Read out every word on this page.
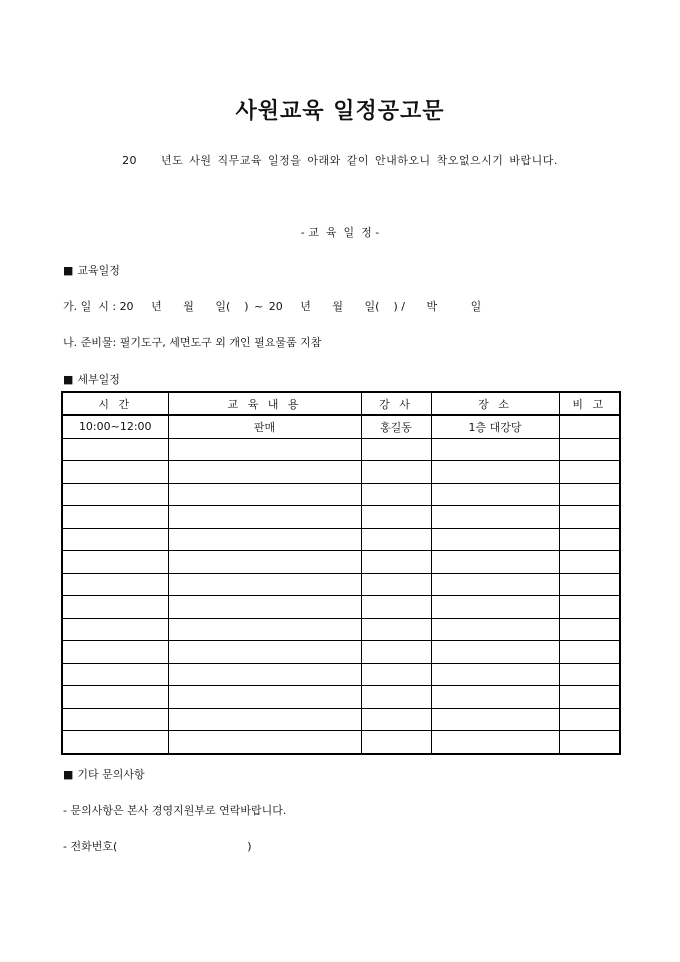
사원교육 일정공고문
20    년도 사원 직무교육 일정을 아래와 같이 안내하오니 착오없으시기 바랍니다.
- 교  육  일  정 -
■ 교육일정
가. 일  시 : 20 년 월 일(    ) ~ 20 년 월 일(    ) / 박	일
나. 준비물: 필기도구, 세면도구 외 개인 필요물품 지참
■ 세부일정
시 간	교 육 내 용	강 사	장 소	비 고
10:00~12:00	판매	홍길동	1층 대강당	

■ 기타 문의사항
- 문의사항은 본사 경영지원부로 연락바랍니다.
- 전화번호(	)
